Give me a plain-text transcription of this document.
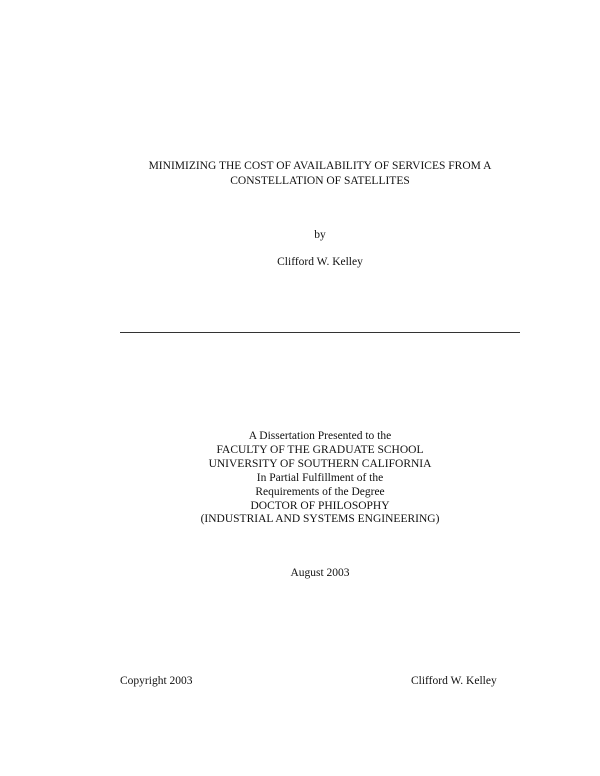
MINIMIZING THE COST OF AVAILABILITY OF SERVICES FROM A
CONSTELLATION OF SATELLITES
by
Clifford W. Kelley
A Dissertation Presented to the
FACULTY OF THE GRADUATE SCHOOL
UNIVERSITY OF SOUTHERN CALIFORNIA
In Partial Fulfillment of the
Requirements of the Degree
DOCTOR OF PHILOSOPHY
(INDUSTRIAL AND SYSTEMS ENGINEERING)
August 2003
Copyright 2003	Clifford W. Kelley
